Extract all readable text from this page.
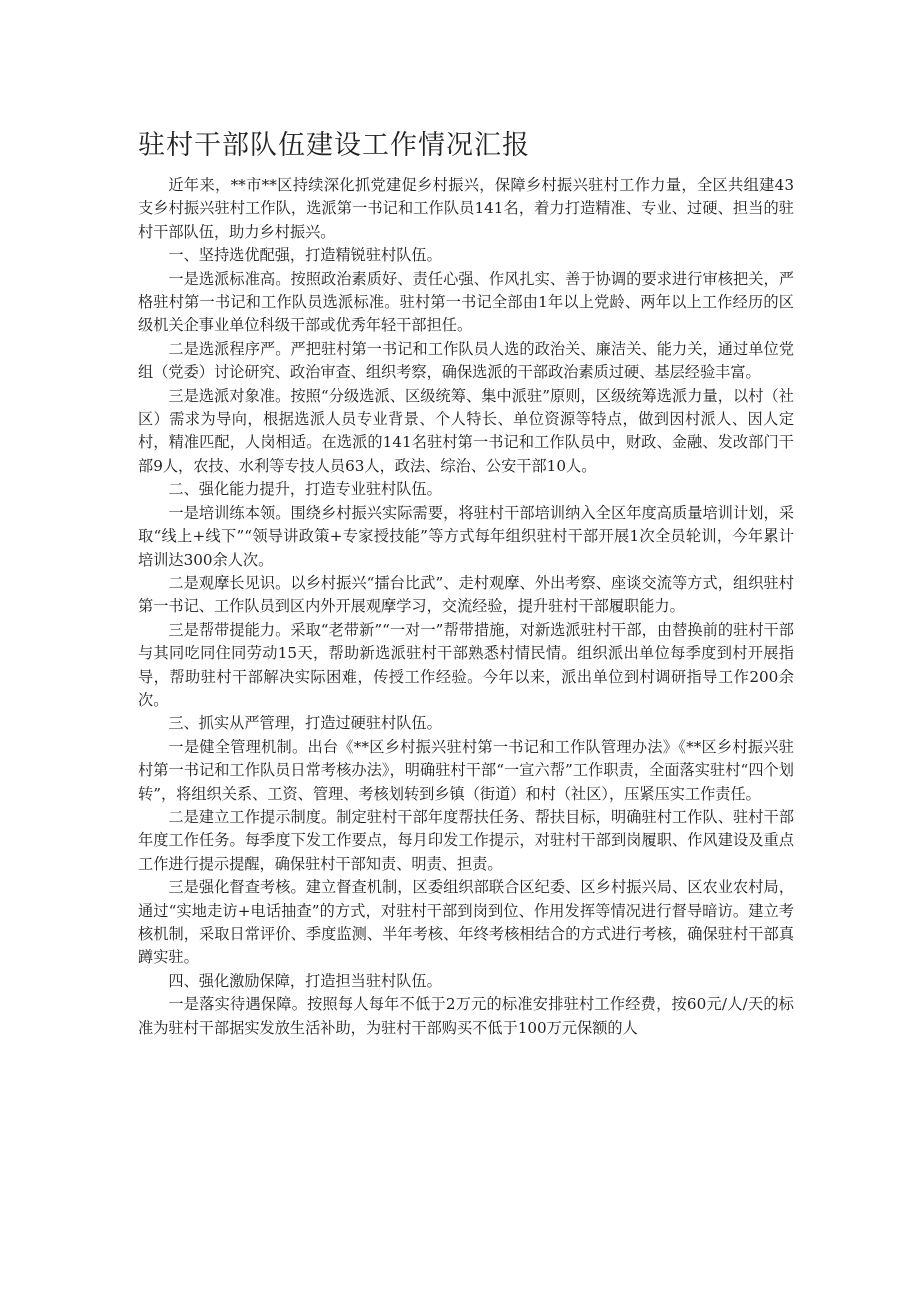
驻村干部队伍建设工作情况汇报

近年来，**市**区持续深化抓党建促乡村振兴，保障乡村振兴驻村工作力量，全区共组建43支乡村振兴驻村工作队，选派第一书记和工作队员141名，着力打造精准、专业、过硬、担当的驻村干部队伍，助力乡村振兴。

一、坚持选优配强，打造精锐驻村队伍。

一是选派标准高。按照政治素质好、责任心强、作风扎实、善于协调的要求进行审核把关，严格驻村第一书记和工作队员选派标准。驻村第一书记全部由1年以上党龄、两年以上工作经历的区级机关企事业单位科级干部或优秀年轻干部担任。

二是选派程序严。严把驻村第一书记和工作队员人选的政治关、廉洁关、能力关，通过单位党组（党委）讨论研究、政治审查、组织考察，确保选派的干部政治素质过硬、基层经验丰富。

三是选派对象准。按照“分级选派、区级统筹、集中派驻”原则，区级统筹选派力量，以村（社区）需求为导向，根据选派人员专业背景、个人特长、单位资源等特点，做到因村派人、因人定村，精准匹配，人岗相适。在选派的141名驻村第一书记和工作队员中，财政、金融、发改部门干部9人，农技、水利等专技人员63人，政法、综治、公安干部10人。

二、强化能力提升，打造专业驻村队伍。

一是培训练本领。围绕乡村振兴实际需要，将驻村干部培训纳入全区年度高质量培训计划，采取“线上+线下”“领导讲政策+专家授技能”等方式每年组织驻村干部开展1次全员轮训，今年累计培训达300余人次。

二是观摩长见识。以乡村振兴“擂台比武”、走村观摩、外出考察、座谈交流等方式，组织驻村第一书记、工作队员到区内外开展观摩学习，交流经验，提升驻村干部履职能力。

三是帮带提能力。采取“老带新”“一对一”帮带措施，对新选派驻村干部，由替换前的驻村干部与其同吃同住同劳动15天，帮助新选派驻村干部熟悉村情民情。组织派出单位每季度到村开展指导，帮助驻村干部解决实际困难，传授工作经验。今年以来，派出单位到村调研指导工作200余次。

三、抓实从严管理，打造过硬驻村队伍。

一是健全管理机制。出台《**区乡村振兴驻村第一书记和工作队管理办法》《**区乡村振兴驻村第一书记和工作队员日常考核办法》，明确驻村干部“一宣六帮”工作职责，全面落实驻村“四个划转”，将组织关系、工资、管理、考核划转到乡镇（街道）和村（社区），压紧压实工作责任。

二是建立工作提示制度。制定驻村干部年度帮扶任务、帮扶目标，明确驻村工作队、驻村干部年度工作任务。每季度下发工作要点，每月印发工作提示，对驻村干部到岗履职、作风建设及重点工作进行提示提醒，确保驻村干部知责、明责、担责。

三是强化督查考核。建立督查机制，区委组织部联合区纪委、区乡村振兴局、区农业农村局，通过“实地走访+电话抽查”的方式，对驻村干部到岗到位、作用发挥等情况进行督导暗访。建立考核机制，采取日常评价、季度监测、半年考核、年终考核相结合的方式进行考核，确保驻村干部真蹲实驻。

四、强化激励保障，打造担当驻村队伍。

一是落实待遇保障。按照每人每年不低于2万元的标准安排驻村工作经费，按60元/人/天的标准为驻村干部据实发放生活补助，为驻村干部购买不低于100万元保额的人
